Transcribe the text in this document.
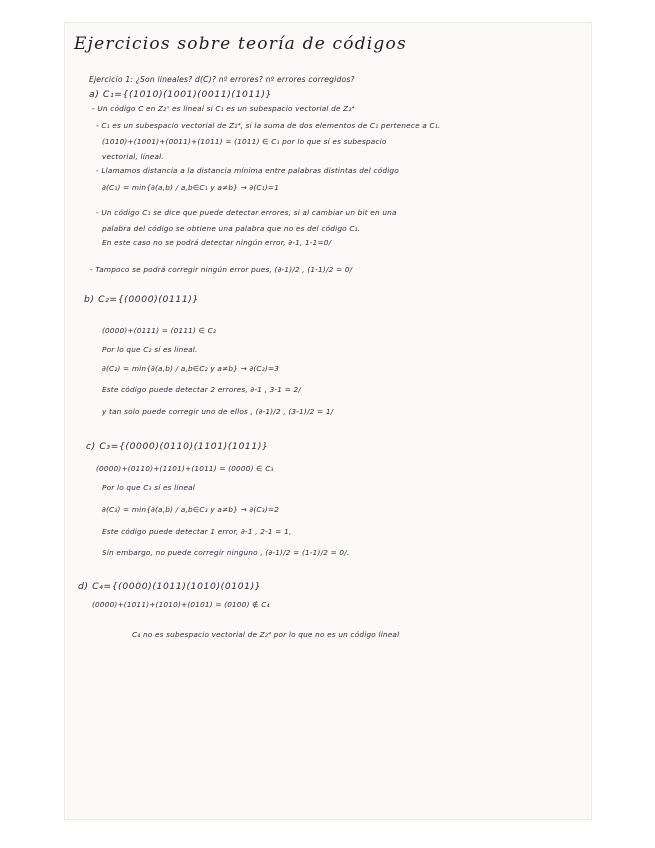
Ejercicios sobre teoría de códigos
Ejercicio 1: ¿Son lineales? d(C)? nº errores? nº errores corregidos?
a) C₁={(1010)(1001)(0011)(1011)}
- Un código C en Z₂ⁿ es lineal si C₁ es un subespacio vectorial de Z₂⁴
- C₁ es un subespacio vectorial de Z₂⁴, si la suma de dos elementos de C₁ pertenece a C₁.
(1010)+(1001)+(0011)+(1011) = (1011) ∈ C₁ por lo que sí es subespacio
vectorial, lineal.
- Llamamos distancia a la distancia mínima entre palabras distintas del código
∂(C₁) = min{∂(a,b) / a,b∈C₁ y a≠b} → ∂(C₁)=1
- Un código C₁ se dice que puede detectar errores, si al cambiar un bit en una
palabra del código se obtiene una palabra que no es del código C₁.
En este caso no se podrá detectar ningún error, ∂-1, 1-1=0/
- Tampoco se podrá corregir ningún error pues, (∂-1)/2 , (1-1)/2 = 0/
b) C₂={(0000)(0111)}
(0000)+(0111) = (0111) ∈ C₂
Por lo que C₂ sí es lineal.
∂(C₂) = min{∂(a,b) / a,b∈C₂ y a≠b} → ∂(C₂)=3
Este código puede detectar 2 errores, ∂-1 , 3-1 = 2/
y tan solo puede corregir uno de ellos , (∂-1)/2 , (3-1)/2 = 1/
c) C₃={(0000)(0110)(1101)(1011)}
(0000)+(0110)+(1101)+(1011) = (0000) ∈ C₃
Por lo que C₃ sí es lineal
∂(C₃) = min{∂(a,b) / a,b∈C₃ y a≠b} → ∂(C₃)=2
Este código puede detectar 1 error, ∂-1 , 2-1 = 1,
Sin embargo, no puede corregir ninguno , (∂-1)/2 = (1-1)/2 = 0/.
d) C₄={(0000)(1011)(1010)(0101)}
(0000)+(1011)+(1010)+(0101) = (0100) ∉ C₄
C₄ no es subespacio vectorial de Z₂⁴ por lo que no es un código lineal
